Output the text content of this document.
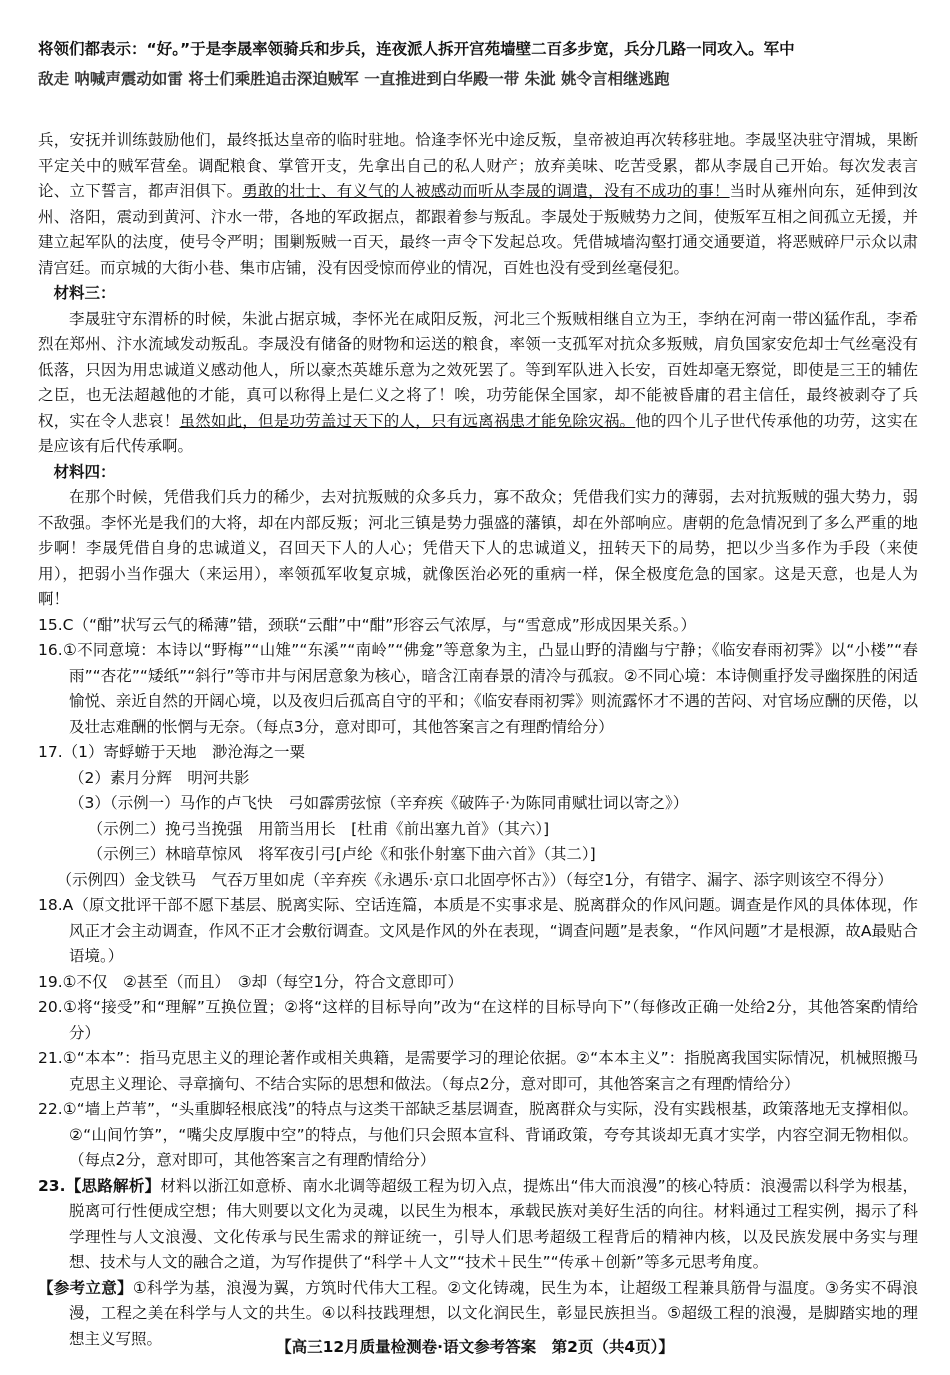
将领们都表示：“好。”于是李晟率领骑兵和步兵，连夜派人拆开宫苑墙壁二百多步宽，兵分几路一同攻入。军中
敌走 呐喊声震动如雷 将士们乘胜追击深迫贼军 一直推进到白华殿一带 朱泚 姚令言相继逃跑

兵，安抚并训练鼓励他们，最终抵达皇帝的临时驻地。恰逢李怀光中途反叛，皇帝被迫再次转移驻地。李晟坚决驻守渭城，果断平定关中的贼军营垒。调配粮食、掌管开支，先拿出自己的私人财产；放弃美味、吃苦受累，都从李晟自己开始。每次发表言论、立下誓言，都声泪俱下。勇敢的壮士、有义气的人被感动而听从李晟的调遣，没有不成功的事！当时从雍州向东，延伸到汝州、洛阳，震动到黄河、汴水一带，各地的军政据点，都跟着参与叛乱。李晟处于叛贼势力之间，使叛军互相之间孤立无援，并建立起军队的法度，使号令严明；围剿叛贼一百天，最终一声令下发起总攻。凭借城墙沟壑打通交通要道，将恶贼碎尸示众以肃清宫廷。而京城的大街小巷、集市店铺，没有因受惊而停业的情况，百姓也没有受到丝毫侵犯。

材料三：

李晟驻守东渭桥的时候，朱泚占据京城，李怀光在咸阳反叛，河北三个叛贼相继自立为王，李纳在河南一带凶猛作乱，李希烈在郑州、汴水流域发动叛乱。李晟没有储备的财物和运送的粮食，率领一支孤军对抗众多叛贼，肩负国家安危却士气丝毫没有低落，只因为用忠诚道义感动他人，所以豪杰英雄乐意为之效死罢了。等到军队进入长安，百姓却毫无察觉，即使是三王的辅佐之臣，也无法超越他的才能，真可以称得上是仁义之将了！唉，功劳能保全国家，却不能被昏庸的君主信任，最终被剥夺了兵权，实在令人悲哀！虽然如此，但是功劳盖过天下的人，只有远离祸患才能免除灾祸。他的四个儿子世代传承他的功劳，这实在是应该有后代传承啊。

材料四：

在那个时候，凭借我们兵力的稀少，去对抗叛贼的众多兵力，寡不敌众；凭借我们实力的薄弱，去对抗叛贼的强大势力，弱不敌强。李怀光是我们的大将，却在内部反叛；河北三镇是势力强盛的藩镇，却在外部响应。唐朝的危急情况到了多么严重的地步啊！李晟凭借自身的忠诚道义，召回天下人的人心；凭借天下人的忠诚道义，扭转天下的局势，把以少当多作为手段（来使用），把弱小当作强大（来运用），率领孤军收复京城，就像医治必死的重病一样，保全极度危急的国家。这是天意，也是人为啊！

15.C（“酣”状写云气的稀薄”错，颈联“云酣”中“酣”形容云气浓厚，与“雪意成”形成因果关系。）

16.①不同意境：本诗以“野梅”“山雉”“东溪”“南岭”“佛龛”等意象为主，凸显山野的清幽与宁静；《临安春雨初霁》以“小楼”“春雨”“杏花”“矮纸”“斜行”等市井与闲居意象为核心，暗含江南春景的清冷与孤寂。②不同心境：本诗侧重抒发寻幽探胜的闲适愉悦、亲近自然的开阔心境，以及夜归后孤高自守的平和；《临安春雨初霁》则流露怀才不遇的苦闷、对官场应酬的厌倦，以及壮志难酬的怅惘与无奈。（每点3分，意对即可，其他答案言之有理酌情给分）

17.（1）寄蜉蝣于天地　渺沧海之一粟

（2）素月分辉　明河共影

（3）（示例一）马作的卢飞快　弓如霹雳弦惊（辛弃疾《破阵子·为陈同甫赋壮词以寄之》）

（示例二）挽弓当挽强　用箭当用长　[杜甫《前出塞九首》（其六）]

（示例三）林暗草惊风　将军夜引弓[卢纶《和张仆射塞下曲六首》（其二）]

（示例四）金戈铁马　气吞万里如虎（辛弃疾《永遇乐·京口北固亭怀古》）（每空1分，有错字、漏字、添字则该空不得分）

18.A（原文批评干部不愿下基层、脱离实际、空话连篇，本质是不实事求是、脱离群众的作风问题。调查是作风的具体体现，作风正才会主动调查，作风不正才会敷衍调查。文风是作风的外在表现，“调查问题”是表象，“作风问题”才是根源，故A最贴合语境。）

19.①不仅　②甚至（而且）　③却（每空1分，符合文意即可）

20.①将“接受”和“理解”互换位置；②将“这样的目标导向”改为“在这样的目标导向下”（每修改正确一处给2分，其他答案酌情给分）

21.①“本本”：指马克思主义的理论著作或相关典籍，是需要学习的理论依据。②“本本主义”：指脱离我国实际情况，机械照搬马克思主义理论、寻章摘句、不结合实际的思想和做法。（每点2分，意对即可，其他答案言之有理酌情给分）

22.①“墙上芦苇”，“头重脚轻根底浅”的特点与这类干部缺乏基层调查，脱离群众与实际，没有实践根基，政策落地无支撑相似。②“山间竹笋”，“嘴尖皮厚腹中空”的特点，与他们只会照本宣科、背诵政策，夸夸其谈却无真才实学，内容空洞无物相似。（每点2分，意对即可，其他答案言之有理酌情给分）

23.【思路解析】材料以浙江如意桥、南水北调等超级工程为切入点，提炼出“伟大而浪漫”的核心特质：浪漫需以科学为根基，脱离可行性便成空想；伟大则要以文化为灵魂，以民生为根本，承载民族对美好生活的向往。材料通过工程实例，揭示了科学理性与人文浪漫、文化传承与民生需求的辩证统一，引导人们思考超级工程背后的精神内核，以及民族发展中务实与理想、技术与人文的融合之道，为写作提供了“科学＋人文”“技术＋民生”“传承＋创新”等多元思考角度。

【参考立意】①科学为基，浪漫为翼，方筑时代伟大工程。②文化铸魂，民生为本，让超级工程兼具筋骨与温度。③务实不碍浪漫，工程之美在科学与人文的共生。④以科技践理想，以文化润民生，彰显民族担当。⑤超级工程的浪漫，是脚踏实地的理想主义写照。	【高三12月质量检测卷·语文参考答案　第2页（共4页）】
